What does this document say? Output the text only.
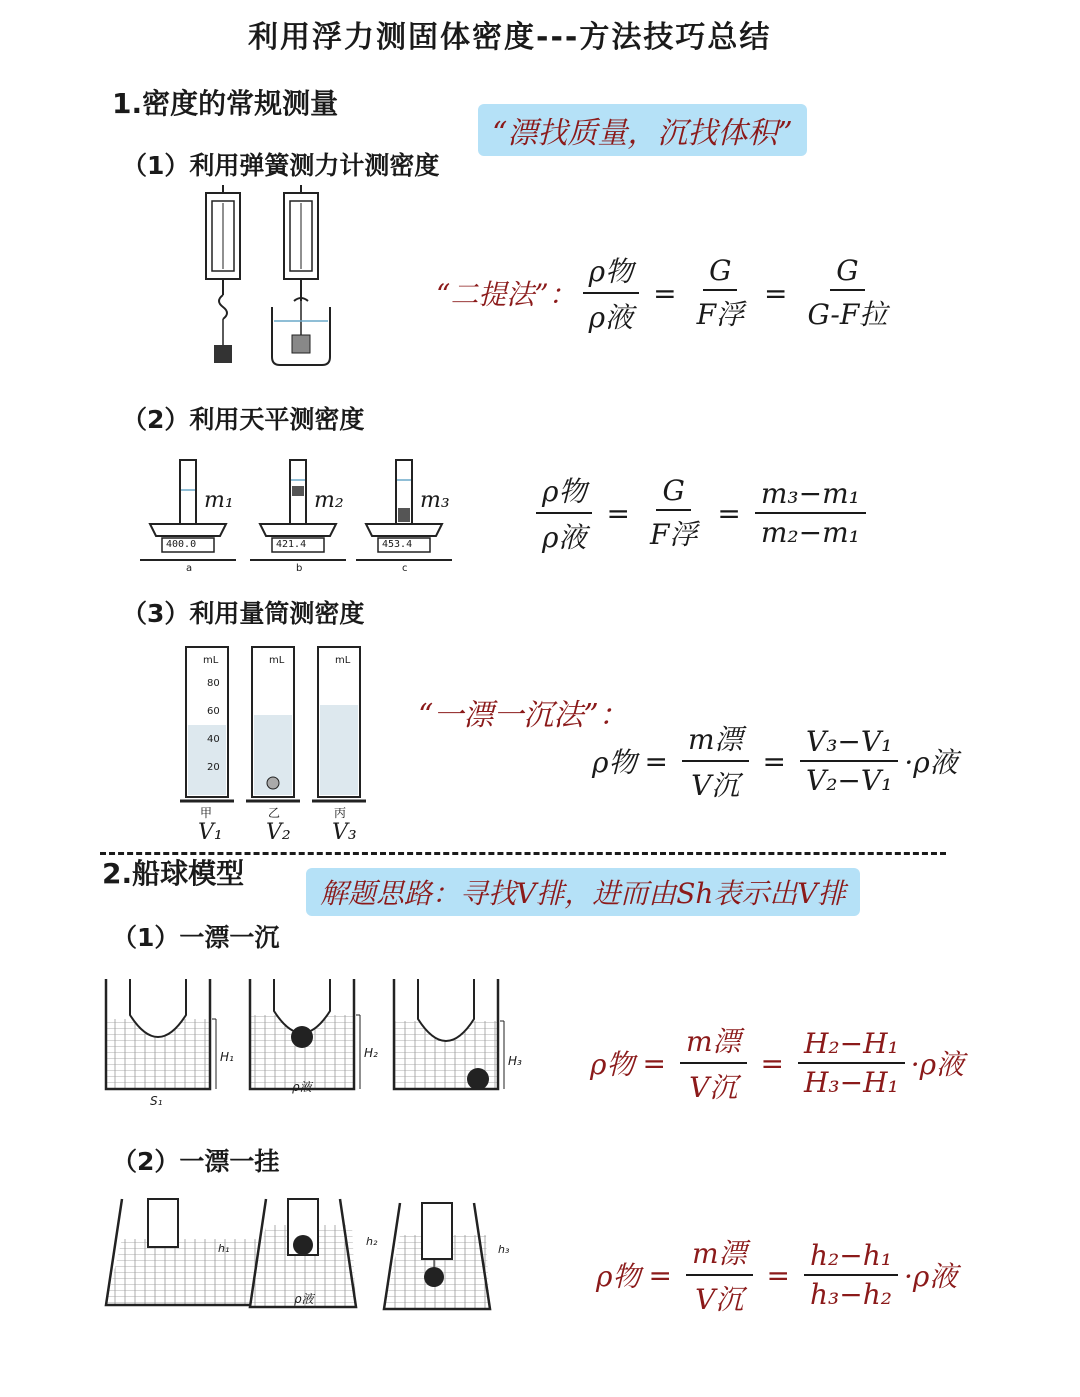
利用浮力测固体密度---方法技巧总结
1.密度的常规测量
“漂找质量，沉找体积”
（1）利用弹簧测力计测密度
“二提法”： $\frac{\text{ρ物}}{\text{ρ液}} = \frac{G}{\text{F浮}} = \frac{G}{\text{G-F拉}}$
（2）利用天平测密度
m₁	m₂	m₃
400.0	421.4	453.4
a	b	c
$\frac{\text{ρ物}}{\text{ρ液}} = \frac{G}{\text{F浮}} = \frac{\text{m₃−m₁}}{\text{m₂−m₁}}$
（3）利用量筒测密度
mL	mL	mL
80
60
40
20
甲	乙	丙
V₁ V₂ V₃
“一漂一沉法”：
ρ物 = $\frac{\text{m漂}}{\text{V沉}} = \frac{\text{V₃−V₁}}{\text{V₂−V₁}} \cdot\rho$液
2.船球模型
解题思路：寻找V排，进而由Sh表示出V排
（1）一漂一沉
H₁	H₂
H₃
S₁
ρ液
ρ物 = $\frac{\text{m漂}}{\text{V沉}} = \frac{\text{H₂−H₁}}{\text{H₃−H₁}} \cdot\rho$液
（2）一漂一挂
h₁
h₂
h₃
ρ液
ρ物 = $\frac{\text{m漂}}{\text{V沉}} = \frac{\text{h₂−h₁}}{\text{h₃−h₂}} \cdot\rho$液
